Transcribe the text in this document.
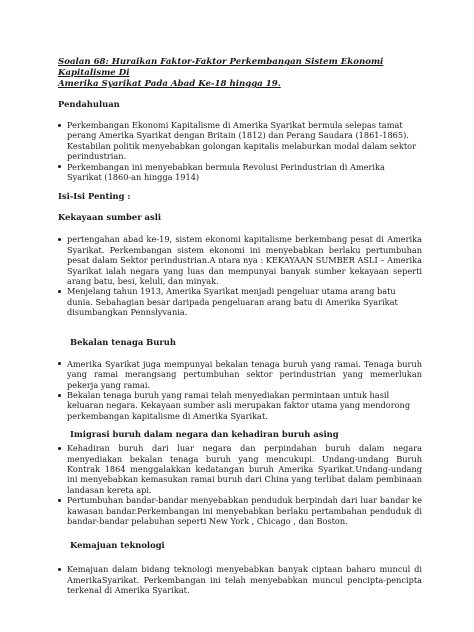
Soalan 68: Huraikan Faktor-Faktor Perkembangan Sistem Ekonomi Kapitalisme Di
Amerika Syarikat Pada Abad Ke-18 hingga 19.
Pendahuluan
Perkembangan Ekonomi Kapitalisme di Amerika Syarikat bermula selepas tamat perang Amerika Syarikat dengan Britain (1812) dan Perang Saudara (1861-1865). Kestabilan politik menyebabkan golongan kapitalis melaburkan modal dalam sektor perindustrian.
Perkembangan ini menyebabkan bermula Revolusi Perindustrian di Amerika Syarikat (1860-an hingga 1914)
Isi-Isi Penting :
Kekayaan sumber asli
pertengahan abad ke-19, sistem ekonomi kapitalisme berkembang pesat di Amerika Syarikat. Perkembangan sistem ekonomi ini menyebabkan berlaku pertumbuhan pesat dalam Sektor perindustrian.A ntara nya : KEKAYAAN SUMBER ASLI – Amerika Syarikat ialah negara yang luas dan mempunyai banyak sumber kekayaan seperti arang batu, besi, keluli, dan minyak.
Menjelang tahun 1913, Amerika Syarikat menjadi pengeluar utama arang batu dunia. Sebahagian besar daripada pengeluaran arang batu di Amerika Syarikat disumbangkan Pennslyvania.
Bekalan tenaga Buruh
Amerika Syarikat juga mempunyai bekalan tenaga buruh yang ramai. Tenaga buruh yang ramai merangsang pertumbuhan sektor perindustrian yang memerlukan pekerja yang ramai.
Bekalan tenaga buruh yang ramai telah menyediakan permintaan untuk hasil keluaran negara. Kekayaan sumber asli merupakan faktor utama yang mendorong perkembangan kapitalisme di Amerika Syarikat.
Imigrasi buruh dalam negara dan kehadiran buruh asing
Kehadiran buruh dari luar negara dan perpindahan buruh dalam negara menyediakan bekalan tenaga buruh yang mencukupi. Undang-undang Buruh Kontrak 1864 menggalakkan kedatangan buruh Amerika Syarikat.Undang-undang ini menyebabkan kemasukan ramai buruh dari China yang terlibat dalam pembinaan landasan kereta api.
Pertumbuhan bandar-bandar menyebabkan penduduk berpindah dari luar bandar ke kawasan bandar.Perkembangan ini menyebabkan berlaku pertambahan penduduk di bandar-bandar pelabuhan seperti New York , Chicago , dan Boston.
Kemajuan teknologi
Kemajuan dalam bidang teknologi menyebabkan banyak ciptaan baharu muncul di AmerikaSyarikat. Perkembangan ini telah menyebabkan muncul pencipta-pencipta terkenal di Amerika Syarikat.
